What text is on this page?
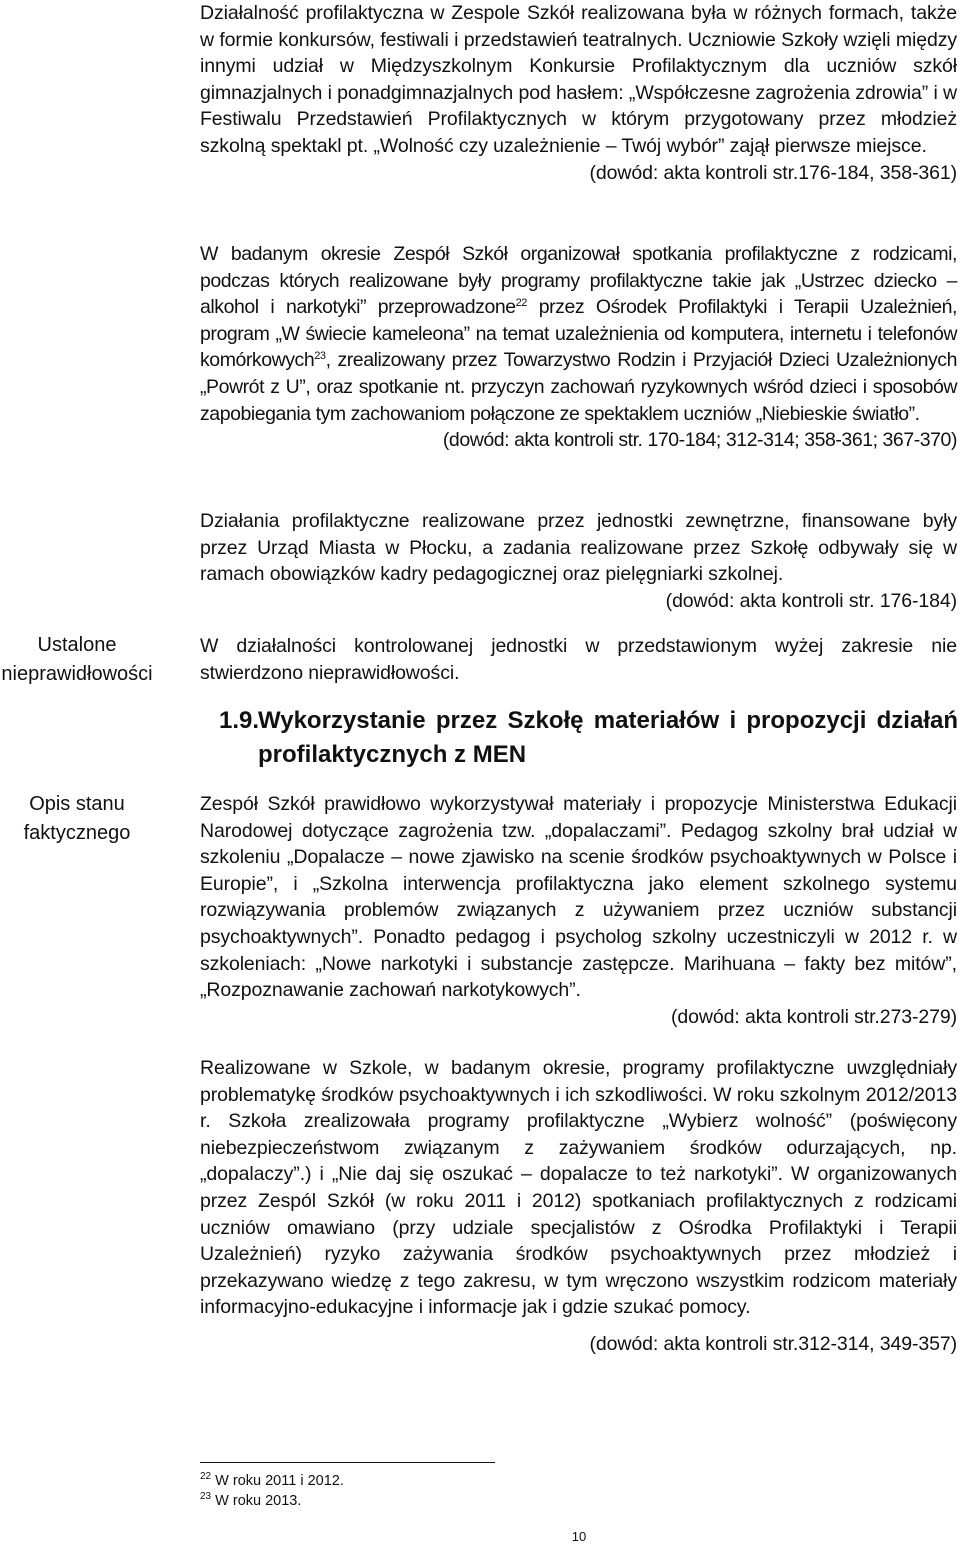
Ustalone nieprawidłowości
Opis stanu faktycznego

Działalność profilaktyczna w Zespole Szkół realizowana była w różnych formach, także w formie konkursów, festiwali i przedstawień teatralnych. Uczniowie Szkoły wzięli między innymi udział w Międzyszkolnym Konkursie Profilaktycznym dla uczniów szkół gimnazjalnych i ponadgimnazjalnych pod hasłem: „Współczesne zagrożenia zdrowia” i w Festiwalu Przedstawień Profilaktycznych w którym przygotowany przez młodzież szkolną spektakl pt. „Wolność czy uzależnienie – Twój wybór” zajął pierwsze miejsce.
(dowód: akta kontroli str.176-184, 358-361)

W badanym okresie Zespół Szkół organizował spotkania profilaktyczne z rodzicami, podczas których realizowane były programy profilaktyczne takie jak „Ustrzec dziecko – alkohol i narkotyki” przeprowadzone$^{22}$ przez Ośrodek Profilaktyki i Terapii Uzależnień, program „W świecie kameleona” na temat uzależnienia od komputera, internetu i telefonów komórkowych$^{23}$, zrealizowany przez Towarzystwo Rodzin i Przyjaciół Dzieci Uzależnionych „Powrót z U”, oraz spotkanie nt. przyczyn zachowań ryzykownych wśród dzieci i sposobów zapobiegania tym zachowaniom połączone ze spektaklem uczniów „Niebieskie światło”.
(dowód: akta kontroli str. 170-184; 312-314; 358-361; 367-370)

Działania profilaktyczne realizowane przez jednostki zewnętrzne, finansowane były przez Urząd Miasta w Płocku, a zadania realizowane przez Szkołę odbywały się w ramach obowiązków kadry pedagogicznej oraz pielęgniarki szkolnej.
(dowód: akta kontroli str. 176-184)

W działalności kontrolowanej jednostki w przedstawionym wyżej zakresie nie stwierdzono nieprawidłowości.

1.9.
Wykorzystanie przez Szkołę materiałów i propozycji działań profilaktycznych z MEN

Zespół Szkół prawidłowo wykorzystywał materiały i propozycje Ministerstwa Edukacji Narodowej dotyczące zagrożenia tzw. „dopalaczami”. Pedagog szkolny brał udział w szkoleniu „Dopalacze – nowe zjawisko na scenie środków psychoaktywnych w Polsce i Europie”, i „Szkolna interwencja profilaktyczna jako element szkolnego systemu rozwiązywania problemów związanych z używaniem przez uczniów substancji psychoaktywnych”. Ponadto pedagog i psycholog szkolny uczestniczyli w 2012 r. w szkoleniach: „Nowe narkotyki i substancje zastępcze. Marihuana – fakty bez mitów”, „Rozpoznawanie zachowań narkotykowych”.
(dowód: akta kontroli str.273-279)

Realizowane w Szkole, w badanym okresie, programy profilaktyczne uwzględniały problematykę środków psychoaktywnych i ich szkodliwości. W roku szkolnym 2012/2013 r. Szkoła zrealizowała programy profilaktyczne „Wybierz wolność” (poświęcony niebezpieczeństwom związanym z zażywaniem środków odurzających, np. „dopalaczy”.) i „Nie daj się oszukać – dopalacze to też narkotyki”. W organizowanych przez Zespól Szkół (w roku 2011 i 2012) spotkaniach profilaktycznych z rodzicami uczniów omawiano (przy udziale specjalistów z Ośrodka Profilaktyki i Terapii Uzależnień) ryzyko zażywania środków psychoaktywnych przez młodzież i przekazywano wiedzę z tego zakresu, w tym wręczono wszystkim rodzicom materiały informacyjno-edukacyjne i informacje jak i gdzie szukać pomocy.
(dowód: akta kontroli str.312-314, 349-357)

$^{22}$ W roku 2011 i 2012.
$^{23}$ W roku 2013.
10
